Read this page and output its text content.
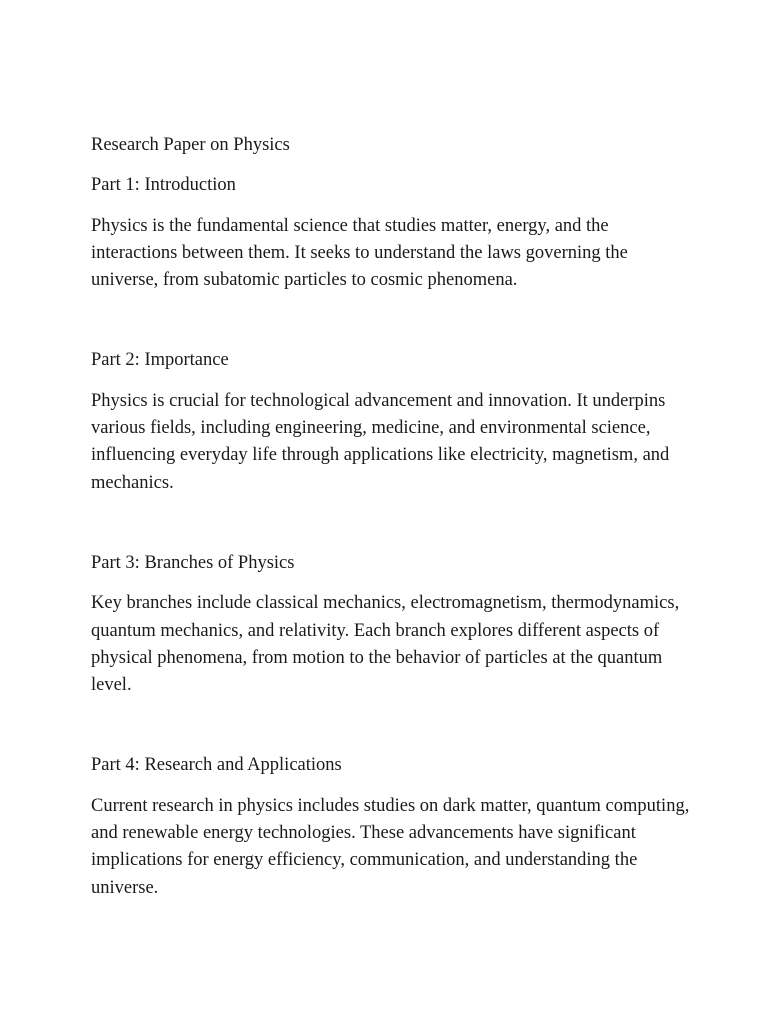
Research Paper on Physics
Part 1: Introduction

Physics is the fundamental science that studies matter, energy, and the interactions between them. It seeks to understand the laws governing the universe, from subatomic particles to cosmic phenomena.

Part 2: Importance

Physics is crucial for technological advancement and innovation. It underpins various fields, including engineering, medicine, and environmental science, influencing everyday life through applications like electricity, magnetism, and mechanics.

Part 3: Branches of Physics

Key branches include classical mechanics, electromagnetism, thermodynamics, quantum mechanics, and relativity. Each branch explores different aspects of physical phenomena, from motion to the behavior of particles at the quantum level.

Part 4: Research and Applications

Current research in physics includes studies on dark matter, quantum computing, and renewable energy technologies. These advancements have significant implications for energy efficiency, communication, and understanding the universe.
